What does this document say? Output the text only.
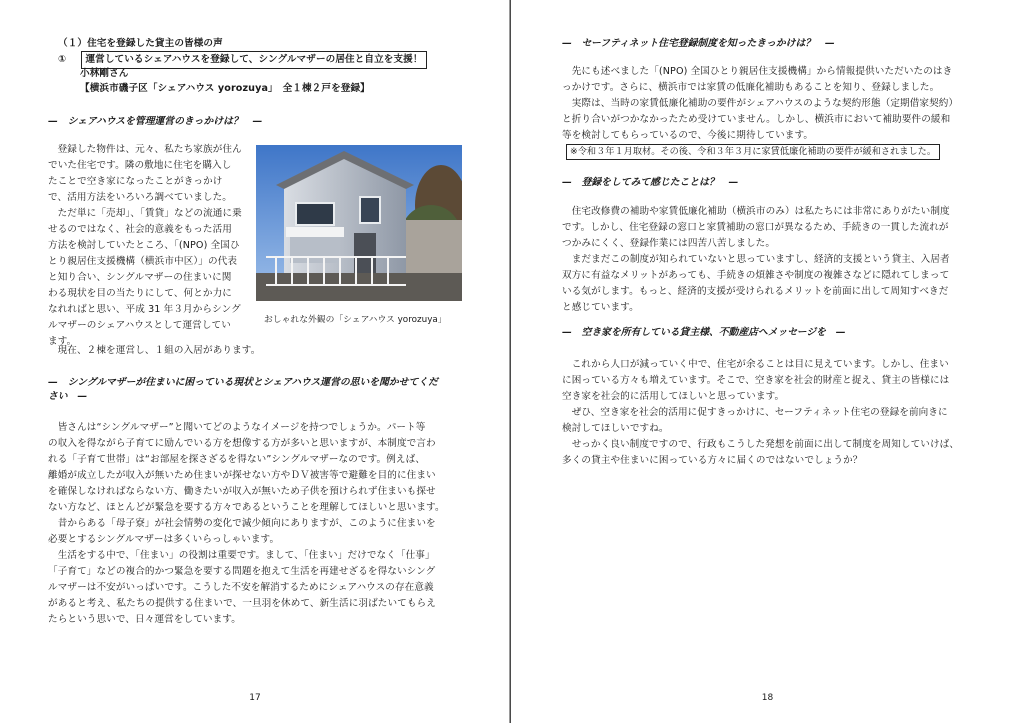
（１）住宅を登録した貸主の皆様の声
① 運営しているシェアハウスを登録して、シングルマザーの居住と自立を支援！
小林剛さん
【横浜市磯子区「シェアハウス yorozuya」　全１棟２戸を登録】
—　シェアハウスを管理運営のきっかけは？　—
登録した物件は、元々、私たち家族が住ん
でいた住宅です。隣の敷地に住宅を購入し
たことで空き家になったことがきっかけ
で、活用方法をいろいろ調べていました。
ただ単に「売却」、「賃貸」などの流通に乗
せるのではなく、社会的意義をもった活用
方法を検討していたところ、「(NPO) 全国ひ
とり親居住支援機構（横浜市中区）」の代表
と知り合い、シングルマザーの住まいに関
わる現状を目の当たりにして、何とか力に
なれればと思い、平成 31 年３月からシング
ルマザーのシェアハウスとして運営してい
ます。
おしゃれな外観の「シェアハウス yorozuya」
現在、２棟を運営し、１組の入居があります。
—　シングルマザーが住まいに困っている現状とシェアハウス運営の思いを聞かせてくだ
さい　—
　皆さんは“シングルマザー”と聞いてどのようなイメージを持つでしょうか。パート等
の収入を得ながら子育てに励んでいる方を想像する方が多いと思いますが、本制度で言わ
れる「子育て世帯」は“お部屋を探さざるを得ない”シングルマザーなのです。例えば、
離婚が成立したが収入が無いため住まいが探せない方やＤＶ被害等で避難を目的に住まい
を確保しなければならない方、働きたいが収入が無いため子供を預けられず住まいも探せ
ない方など、ほとんどが緊急を要する方々であるということを理解してほしいと思います。
　昔からある「母子寮」が社会情勢の変化で減少傾向にありますが、このように住まいを
必要とするシングルマザーは多くいらっしゃいます。
　生活をする中で、「住まい」の役割は重要です。まして、「住まい」だけでなく「仕事」
「子育て」などの複合的かつ緊急を要する問題を抱えて生活を再建せざるを得ないシング
ルマザーは不安がいっぱいです。こうした不安を解消するためにシェアハウスの存在意義
があると考え、私たちの提供する住まいで、一旦羽を休めて、新生活に羽ばたいてもらえ
たらという思いで、日々運営をしています。
17
—　セーフティネット住宅登録制度を知ったきっかけは？　—
　先にも述べました「(NPO) 全国ひとり親居住支援機構」から情報提供いただいたのはき
っかけです。さらに、横浜市では家賃の低廉化補助もあることを知り、登録しました。
　実際は、当時の家賃低廉化補助の要件がシェアハウスのような契約形態（定期借家契約）
と折り合いがつかなかったため受けていません。しかし、横浜市において補助要件の緩和
等を検討してもらっているので、今後に期待しています。
※令和３年１月取材。その後、令和３年３月に家賃低廉化補助の要件が緩和されました。
—　登録をしてみて感じたことは？　—
　住宅改修費の補助や家賃低廉化補助（横浜市のみ）は私たちには非常にありがたい制度
です。しかし、住宅登録の窓口と家賃補助の窓口が異なるため、手続きの一貫した流れが
つかみにくく、登録作業には四苦八苦しました。
　まだまだこの制度が知られていないと思っていますし、経済的支援という貸主、入居者
双方に有益なメリットがあっても、手続きの煩雑さや制度の複雑さなどに隠れてしまって
いる気がします。もっと、経済的支援が受けられるメリットを前面に出して周知すべきだ
と感じています。
—　空き家を所有している貸主様、不動産店へメッセージを　—
　これから人口が減っていく中で、住宅が余ることは目に見えています。しかし、住まい
に困っている方々も増えています。そこで、空き家を社会的財産と捉え、貸主の皆様には
空き家を社会的に活用してほしいと思っています。
　ぜひ、空き家を社会的活用に促すきっかけに、セーフティネット住宅の登録を前向きに
検討してほしいですね。
　せっかく良い制度ですので、行政もこうした発想を前面に出して制度を周知していけば、
多くの貸主や住まいに困っている方々に届くのではないでしょうか？
18
